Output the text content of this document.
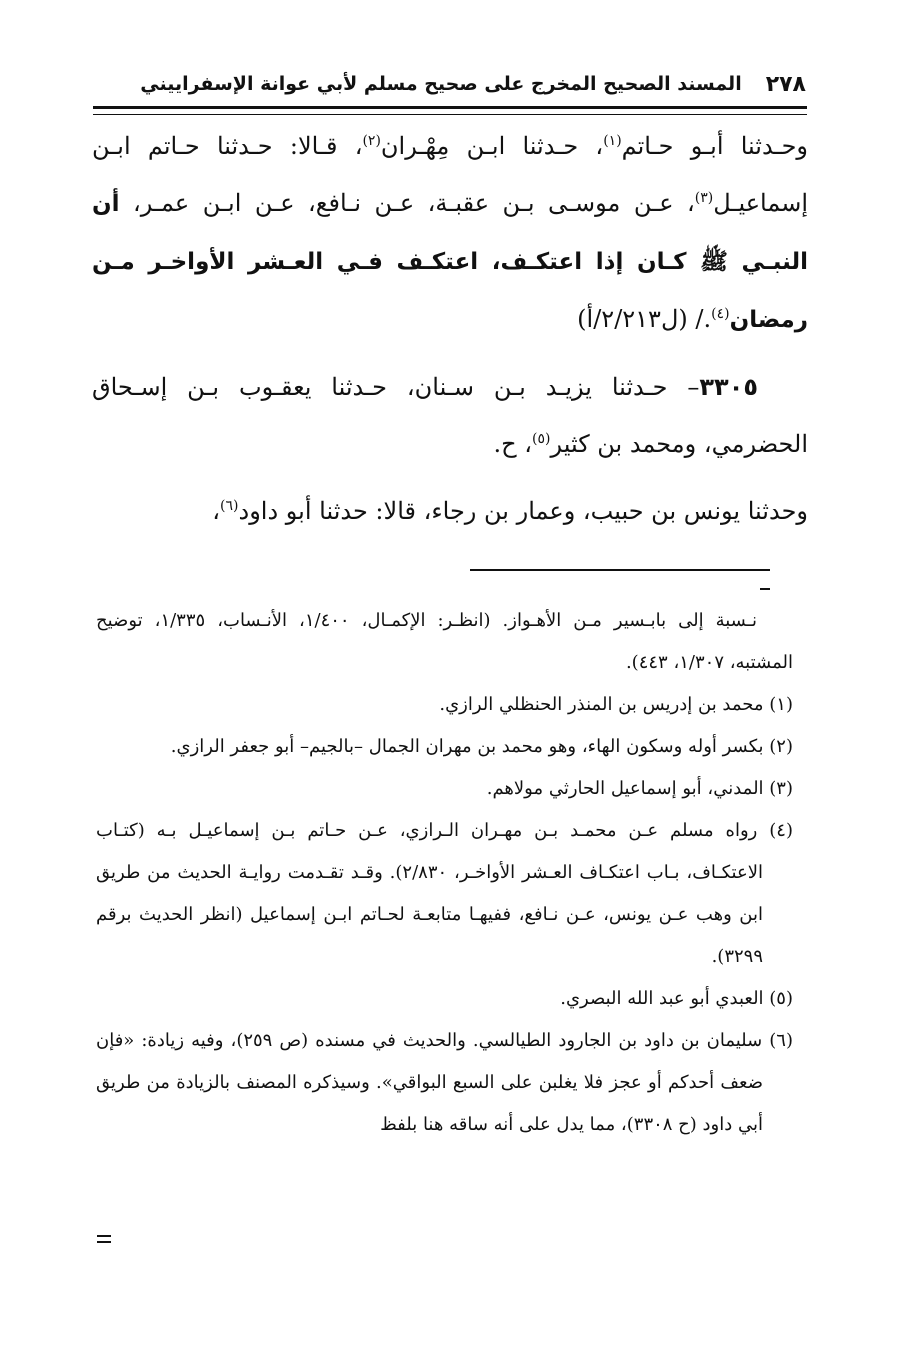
٢٧٨
المسند الصحيح المخرج على صحيح مسلم لأبي عوانة الإسفراييني

وحـدثنا أبـو حـاتم$^{(١)}$، حـدثنا ابـن مِهْـران$^{(٢)}$، قـالا: حـدثنا حـاتم ابـن إسماعيـل$^{(٣)}$، عـن موسـى بـن عقبـة، عـن نـافع، عـن ابـن عمـر، أن النبـي ﷺ كـان إذا اعتكـف، اعتكـف فـي العـشر الأواخـر مـن رمضان$^{(٤)}$./ (ل٢/٢١٣/أ)

٣٣٠٥– حـدثنا يزيـد بـن سـنان، حـدثنا يعقـوب بـن إسـحاق الحضرمي، ومحمد بن كثير$^{(٥)}$، ح.

وحدثنا يونس بن حبيب، وعمار بن رجاء، قالا: حدثنا أبو داود$^{(٦)}$،

نـسبة إلى بابـسير مـن الأهـواز. (انظـر: الإكمـال، ١/٤٠٠، الأنـساب، ١/٣٣٥، توضيح المشتبه، ١/٣٠٧، ٤٤٣).

(١) محمد بن إدريس بن المنذر الحنظلي الرازي.

(٢) بكسر أوله وسكون الهاء، وهو محمد بن مهران الجمال –بالجيم– أبو جعفر الرازي.

(٣) المدني، أبو إسماعيل الحارثي مولاهم.

(٤) رواه مسلم عـن محمـد بـن مهـران الـرازي، عـن حـاتم بـن إسماعيـل بـه (كتـاب الاعتكـاف، بـاب اعتكـاف العـشر الأواخـر، ٢/٨٣٠). وقـد تقـدمت روايـة الحديث من طريق ابن وهب عـن يونس، عـن نـافع، ففيهـا متابعـة لحـاتم ابـن إسماعيل (انظر الحديث برقم ٣٢٩٩).

(٥) العبدي أبو عبد الله البصري.

(٦) سليمان بن داود بن الجارود الطيالسي. والحديث في مسنده (ص ٢٥٩)، وفيه زيادة: «فإن ضعف أحدكم أو عجز فلا يغلبن على السبع البواقي». وسيذكره المصنف بالزيادة من طريق أبي داود (ح ٣٣٠٨)، مما يدل على أنه ساقه هنا بلفظ
